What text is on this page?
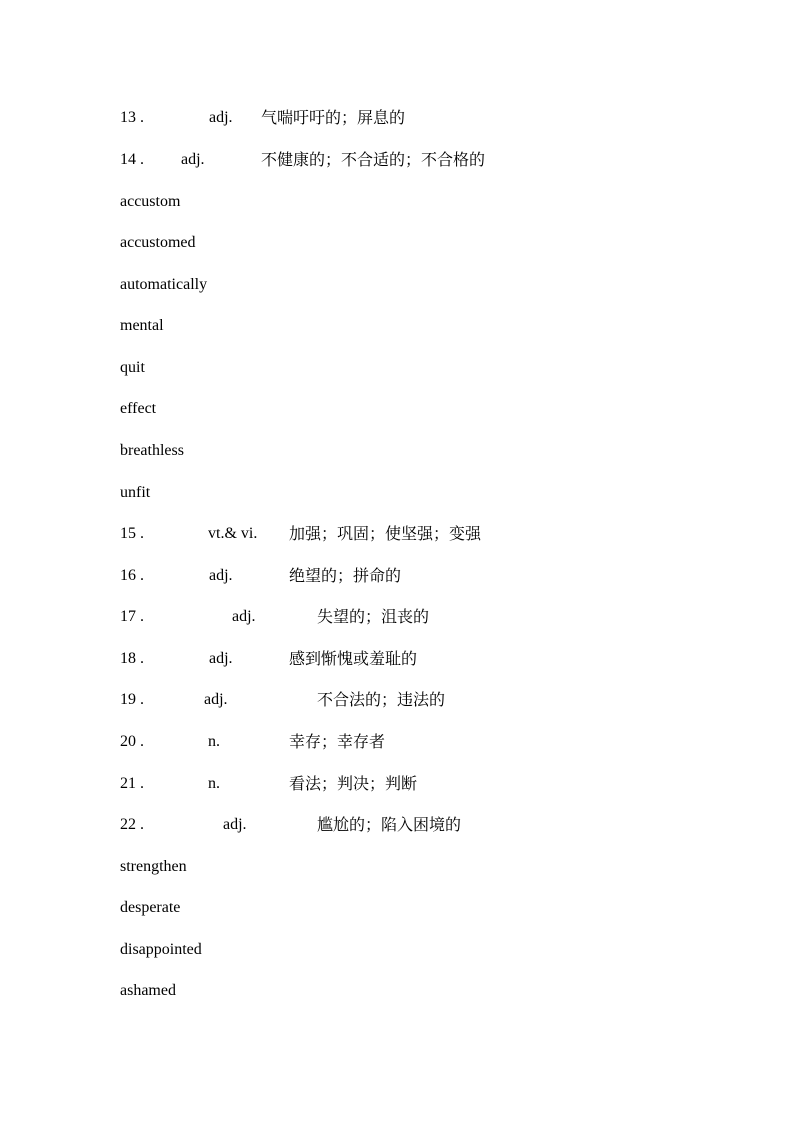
13 .	adj. 气喘吁吁的；屏息的
14 . adj.	不健康的；不合适的；不合格的
accustom
accustomed
automatically
mental
quit
effect
breathless
unfit
15 .	vt.& vi. 加强；巩固；使坚强；变强
16 .	adj.	绝望的；拼命的
17 .	adj.	失望的；沮丧的
18 .	adj.	感到惭愧或羞耻的
19 .	adj.	不合法的；违法的
20 .	n.	幸存；幸存者
21 .	n.	看法；判决；判断
22 .	adj.	尴尬的；陷入困境的
strengthen
desperate
disappointed
ashamed
